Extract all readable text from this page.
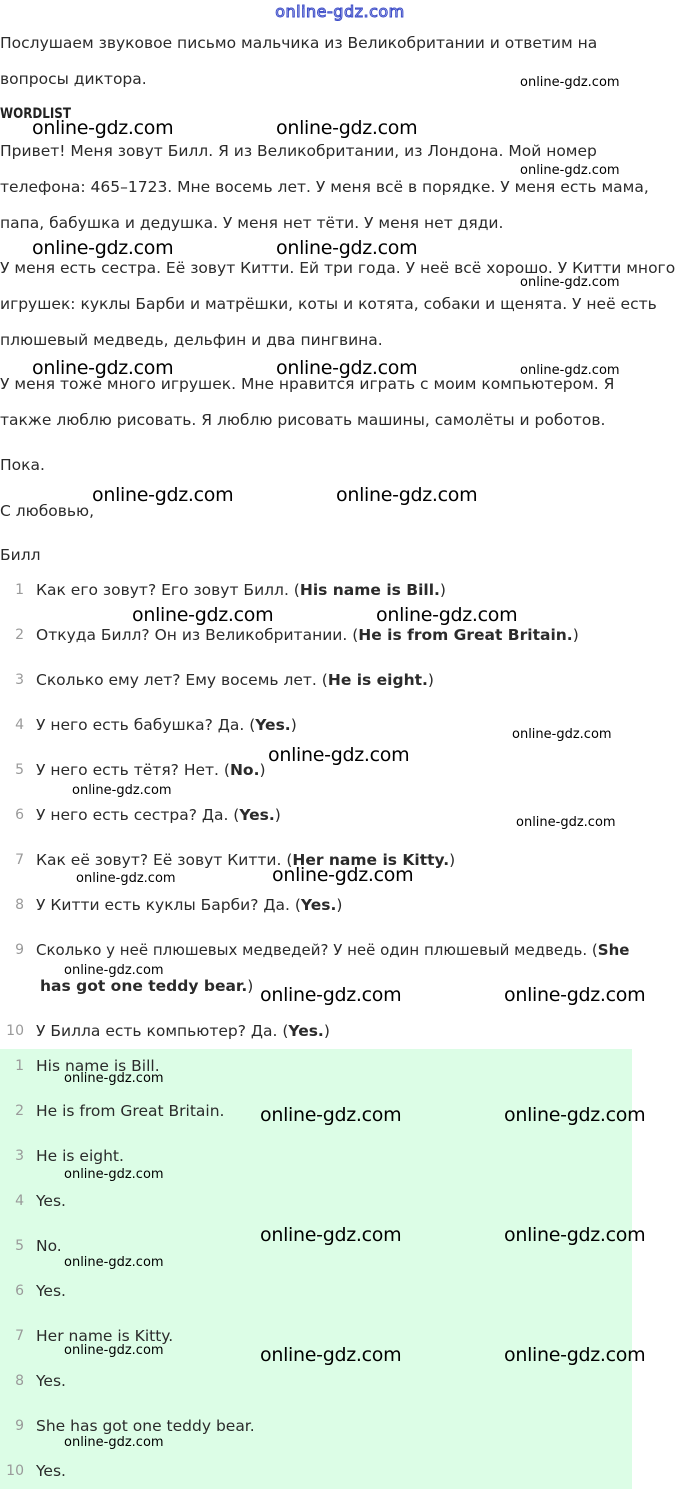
online-gdz.com
Послушаем звуковое письмо мальчика из Великобритании и ответим на
вопросы диктора.
WORDLIST
Привет! Меня зовут Билл. Я из Великобритании, из Лондона. Мой номер
телефона: 465–1723. Мне восемь лет. У меня всё в порядке. У меня есть мама,
папа, бабушка и дедушка. У меня нет тёти. У меня нет дяди.
У меня есть сестра. Её зовут Китти. Ей три года. У неё всё хорошо. У Китти много
игрушек: куклы Барби и матрёшки, коты и котята, собаки и щенята. У неё есть
плюшевый медведь, дельфин и два пингвина.
У меня тоже много игрушек. Мне нравится играть с моим компьютером. Я
также люблю рисовать. Я люблю рисовать машины, самолёты и роботов.
Пока.
С любовью,
Билл
1 Как его зовут? Его зовут Билл. (His name is Bill.)
2 Откуда Билл? Он из Великобритании. (He is from Great Britain.)
3 Сколько ему лет? Ему восемь лет. (He is eight.)
4 У него есть бабушка? Да. (Yes.)
5 У него есть тётя? Нет. (No.)
6 У него есть сестра? Да. (Yes.)
7 Как её зовут? Её зовут Китти. (Her name is Kitty.)
8 У Китти есть куклы Барби? Да. (Yes.)
9 Сколько у неё плюшевых медведей? У неё один плюшевый медведь. (She
has got one teddy bear.)
10 У Билла есть компьютер? Да. (Yes.)
1 His name is Bill.
2 He is from Great Britain.
3 He is eight.
4 Yes.
5 No.
6 Yes.
7 Her name is Kitty.
8 Yes.
9 She has got one teddy bear.
10 Yes.
online-gdz.com	online-gdz.com
online-gdz.com	online-gdz.com
online-gdz.com	online-gdz.com
online-gdz.com	online-gdz.com
online-gdz.com	online-gdz.com
online-gdz.com
online-gdz.com
online-gdz.com	online-gdz.com
online-gdz.com	online-gdz.com
online-gdz.com	online-gdz.com
online-gdz.com	online-gdz.com
online-gdz.com
online-gdz.com
online-gdz.com
online-gdz.com
online-gdz.com
online-gdz.com
online-gdz.com
online-gdz.com
online-gdz.com
online-gdz.com
online-gdz.com
online-gdz.com
online-gdz.com
online-gdz.com
